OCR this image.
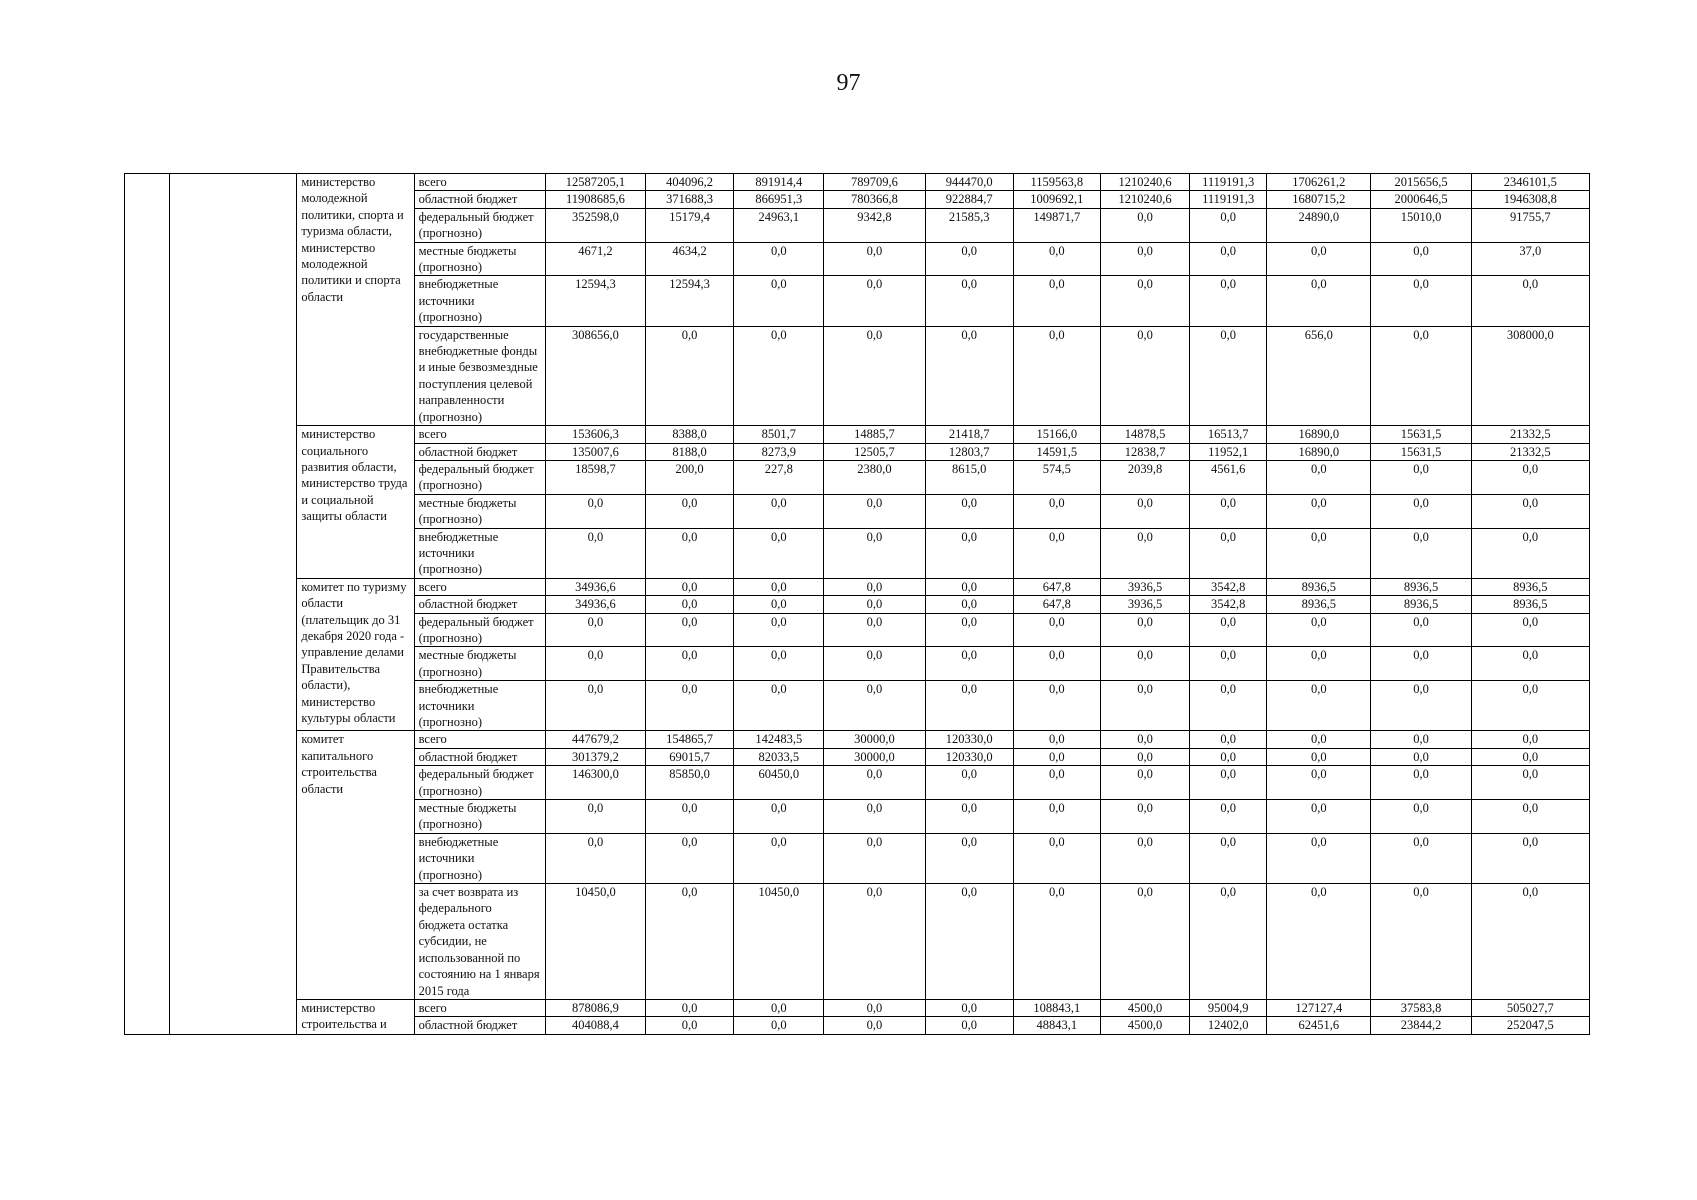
97
		министерство молодежной политики, спорта и туризма области, министерство молодежной политики и спорта области	всего	12587205,1	404096,2	891914,4	789709,6	944470,0	1159563,8	1210240,6	1119191,3	1706261,2	2015656,5	2346101,5
			областной бюджет	11908685,6	371688,3	866951,3	780366,8	922884,7	1009692,1	1210240,6	1119191,3	1680715,2	2000646,5	1946308,8
			федеральный бюджет (прогнозно)	352598,0	15179,4	24963,1	9342,8	21585,3	149871,7	0,0	0,0	24890,0	15010,0	91755,7
			местные бюджеты (прогнозно)	4671,2	4634,2	0,0	0,0	0,0	0,0	0,0	0,0	0,0	0,0	37,0
			внебюджетные источники (прогнозно)	12594,3	12594,3	0,0	0,0	0,0	0,0	0,0	0,0	0,0	0,0	0,0
			государственные внебюджетные фонды и иные безвозмездные поступления целевой направленности (прогнозно)	308656,0	0,0	0,0	0,0	0,0	0,0	0,0	0,0	656,0	0,0	308000,0
		министерство социального развития области, министерство труда и социальной защиты области	всего	153606,3	8388,0	8501,7	14885,7	21418,7	15166,0	14878,5	16513,7	16890,0	15631,5	21332,5
			областной бюджет	135007,6	8188,0	8273,9	12505,7	12803,7	14591,5	12838,7	11952,1	16890,0	15631,5	21332,5
			федеральный бюджет (прогнозно)	18598,7	200,0	227,8	2380,0	8615,0	574,5	2039,8	4561,6	0,0	0,0	0,0
			местные бюджеты (прогнозно)	0,0	0,0	0,0	0,0	0,0	0,0	0,0	0,0	0,0	0,0	0,0
			внебюджетные источники (прогнозно)	0,0	0,0	0,0	0,0	0,0	0,0	0,0	0,0	0,0	0,0	0,0
		комитет по туризму области (плательщик до 31 декабря 2020 года - управление делами Правительства области), министерство культуры области	всего	34936,6	0,0	0,0	0,0	0,0	647,8	3936,5	3542,8	8936,5	8936,5	8936,5
			областной бюджет	34936,6	0,0	0,0	0,0	0,0	647,8	3936,5	3542,8	8936,5	8936,5	8936,5
			федеральный бюджет (прогнозно)	0,0	0,0	0,0	0,0	0,0	0,0	0,0	0,0	0,0	0,0	0,0
			местные бюджеты (прогнозно)	0,0	0,0	0,0	0,0	0,0	0,0	0,0	0,0	0,0	0,0	0,0
			внебюджетные источники (прогнозно)	0,0	0,0	0,0	0,0	0,0	0,0	0,0	0,0	0,0	0,0	0,0
		комитет капитального строительства области	всего	447679,2	154865,7	142483,5	30000,0	120330,0	0,0	0,0	0,0	0,0	0,0	0,0
			областной бюджет	301379,2	69015,7	82033,5	30000,0	120330,0	0,0	0,0	0,0	0,0	0,0	0,0
			федеральный бюджет (прогнозно)	146300,0	85850,0	60450,0	0,0	0,0	0,0	0,0	0,0	0,0	0,0	0,0
			местные бюджеты (прогнозно)	0,0	0,0	0,0	0,0	0,0	0,0	0,0	0,0	0,0	0,0	0,0
			внебюджетные источники (прогнозно)	0,0	0,0	0,0	0,0	0,0	0,0	0,0	0,0	0,0	0,0	0,0
			за счет возврата из федерального бюджета остатка субсидии, не использованной по состоянию на 1 января 2015 года	10450,0	0,0	10450,0	0,0	0,0	0,0	0,0	0,0	0,0	0,0	0,0
		министерство строительства и	всего	878086,9	0,0	0,0	0,0	0,0	108843,1	4500,0	95004,9	127127,4	37583,8	505027,7
			областной бюджет	404088,4	0,0	0,0	0,0	0,0	48843,1	4500,0	12402,0	62451,6	23844,2	252047,5
